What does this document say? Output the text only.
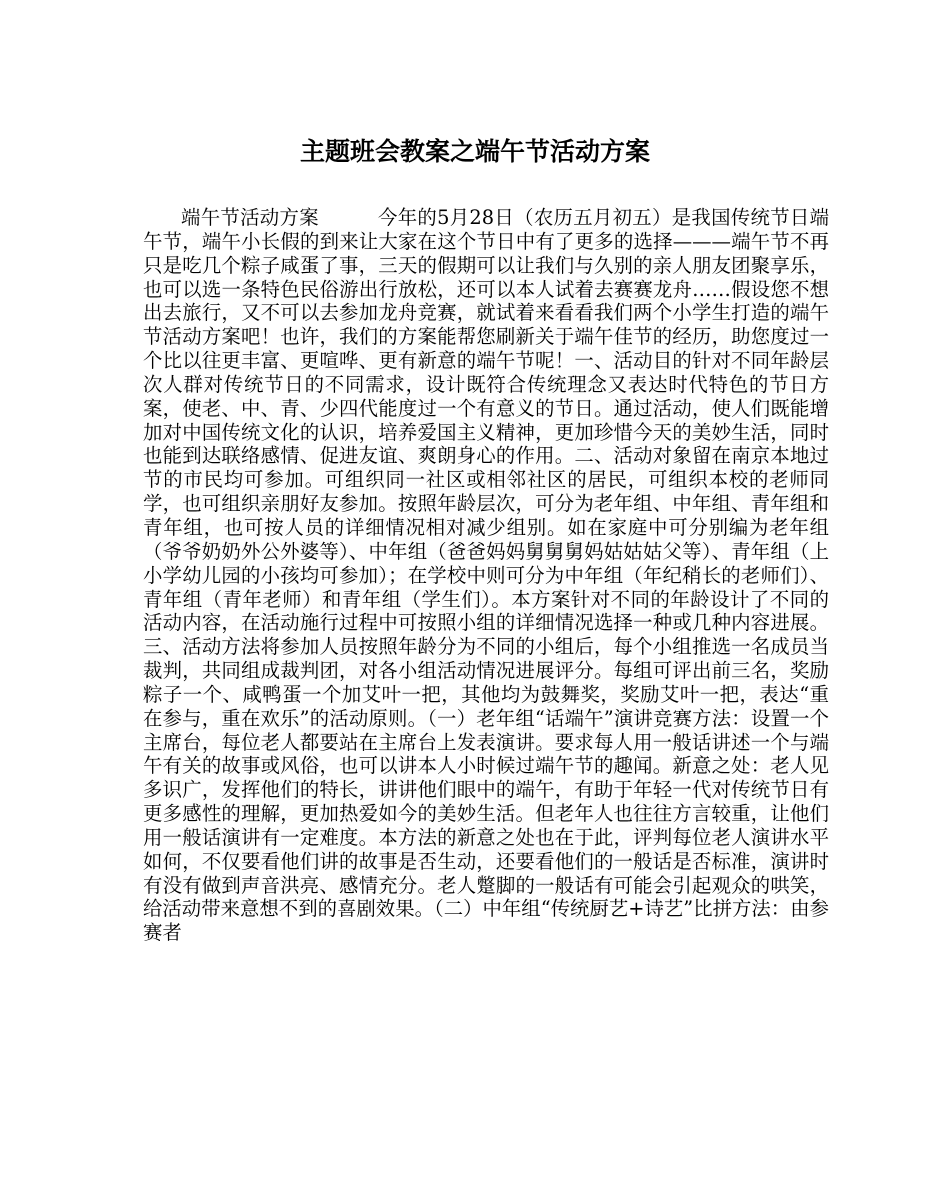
主题班会教案之端午节活动方案

端午节活动方案　　　今年的5月28日（农历五月初五）是我国传统节日端午节，端午小长假的到来让大家在这个节日中有了更多的选择———端午节不再只是吃几个粽子咸蛋了事，三天的假期可以让我们与久别的亲人朋友团聚享乐，也可以选一条特色民俗游出行放松，还可以本人试着去赛赛龙舟……假设您不想出去旅行，又不可以去参加龙舟竞赛，就试着来看看我们两个小学生打造的端午节活动方案吧！也许，我们的方案能帮您刷新关于端午佳节的经历，助您度过一个比以往更丰富、更喧哗、更有新意的端午节呢！一、活动目的针对不同年龄层次人群对传统节日的不同需求，设计既符合传统理念又表达时代特色的节日方案，使老、中、青、少四代能度过一个有意义的节日。通过活动，使人们既能增加对中国传统文化的认识，培养爱国主义精神，更加珍惜今天的美妙生活，同时也能到达联络感情、促进友谊、爽朗身心的作用。二、活动对象留在南京本地过节的市民均可参加。可组织同一社区或相邻社区的居民，可组织本校的老师同学，也可组织亲朋好友参加。按照年龄层次，可分为老年组、中年组、青年组和青年组，也可按人员的详细情况相对减少组别。如在家庭中可分别编为老年组（爷爷奶奶外公外婆等）、中年组（爸爸妈妈舅舅舅妈姑姑姑父等）、青年组（上小学幼儿园的小孩均可参加）；在学校中则可分为中年组（年纪稍长的老师们）、青年组（青年老师）和青年组（学生们）。本方案针对不同的年龄设计了不同的活动内容，在活动施行过程中可按照小组的详细情况选择一种或几种内容进展。三、活动方法将参加人员按照年龄分为不同的小组后，每个小组推选一名成员当裁判，共同组成裁判团，对各小组活动情况进展评分。每组可评出前三名，奖励粽子一个、咸鸭蛋一个加艾叶一把，其他均为鼓舞奖，奖励艾叶一把，表达“重在参与，重在欢乐”的活动原则。（一）老年组“话端午”演讲竞赛方法：设置一个主席台，每位老人都要站在主席台上发表演讲。要求每人用一般话讲述一个与端午有关的故事或风俗，也可以讲本人小时候过端午节的趣闻。新意之处：老人见多识广，发挥他们的特长，讲讲他们眼中的端午，有助于年轻一代对传统节日有更多感性的理解，更加热爱如今的美妙生活。但老年人也往往方言较重，让他们用一般话演讲有一定难度。本方法的新意之处也在于此，评判每位老人演讲水平如何，不仅要看他们讲的故事是否生动，还要看他们的一般话是否标准，演讲时有没有做到声音洪亮、感情充分。老人蹩脚的一般话有可能会引起观众的哄笑，给活动带来意想不到的喜剧效果。（二）中年组“传统厨艺+诗艺”比拼方法：由参赛者
